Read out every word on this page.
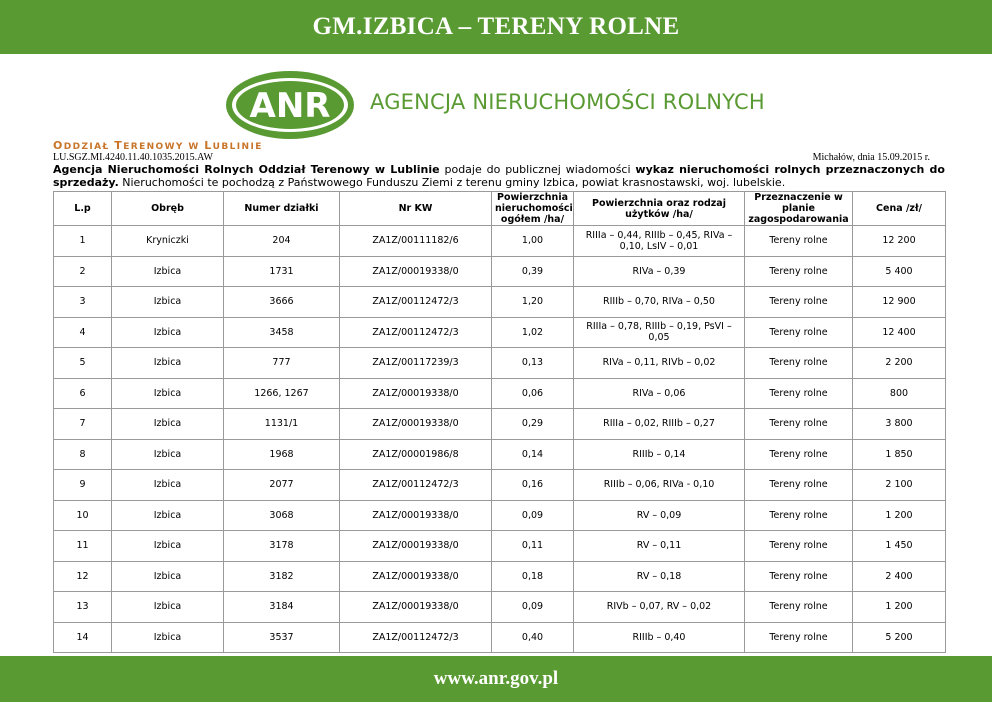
GM.IZBICA – TERENY ROLNE
ANR AGENCJA NIERUCHOMOŚCI ROLNYCH
ODDZIAŁ TERENOWY W LUBLINIE
LU.SGZ.MI.4240.11.40.1035.2015.AW	Michałów, dnia 15.09.2015 r.
Agencja Nieruchomości Rolnych Oddział Terenowy w Lublinie podaje do publicznej wiadomości wykaz nieruchomości rolnych przeznaczonych do sprzedaży. Nieruchomości te pochodzą z Państwowego Funduszu Ziemi z terenu gminy Izbica, powiat krasnostawski, woj. lubelskie.
L.p	Obręb	Numer działki	Nr KW	Powierzchnia nieruchomości ogółem /ha/	Powierzchnia oraz rodzaj użytków /ha/	Przeznaczenie w planie zagospodarowania	Cena /zł/
1	Kryniczki	204	ZA1Z/00111182/6	1,00	RIIIa – 0,44, RIIIb – 0,45, RIVa – 0,10, LsIV – 0,01	Tereny rolne	12 200
2	Izbica	1731	ZA1Z/00019338/0	0,39	RIVa – 0,39	Tereny rolne	5 400
3	Izbica	3666	ZA1Z/00112472/3	1,20	RIIIb – 0,70, RIVa – 0,50	Tereny rolne	12 900
4	Izbica	3458	ZA1Z/00112472/3	1,02	RIIIa – 0,78, RIIIb – 0,19, PsVI – 0,05	Tereny rolne	12 400
5	Izbica	777	ZA1Z/00117239/3	0,13	RIVa – 0,11, RIVb – 0,02	Tereny rolne	2 200
6	Izbica	1266, 1267	ZA1Z/00019338/0	0,06	RIVa – 0,06	Tereny rolne	800
7	Izbica	1131/1	ZA1Z/00019338/0	0,29	RIIIa – 0,02, RIIIb – 0,27	Tereny rolne	3 800
8	Izbica	1968	ZA1Z/00001986/8	0,14	RIIIb – 0,14	Tereny rolne	1 850
9	Izbica	2077	ZA1Z/00112472/3	0,16	RIIIb – 0,06, RIVa - 0,10	Tereny rolne	2 100
10	Izbica	3068	ZA1Z/00019338/0	0,09	RV – 0,09	Tereny rolne	1 200
11	Izbica	3178	ZA1Z/00019338/0	0,11	RV – 0,11	Tereny rolne	1 450
12	Izbica	3182	ZA1Z/00019338/0	0,18	RV – 0,18	Tereny rolne	2 400
13	Izbica	3184	ZA1Z/00019338/0	0,09	RIVb – 0,07, RV – 0,02	Tereny rolne	1 200
14	Izbica	3537	ZA1Z/00112472/3	0,40	RIIIb – 0,40	Tereny rolne	5 200
www.anr.gov.pl
